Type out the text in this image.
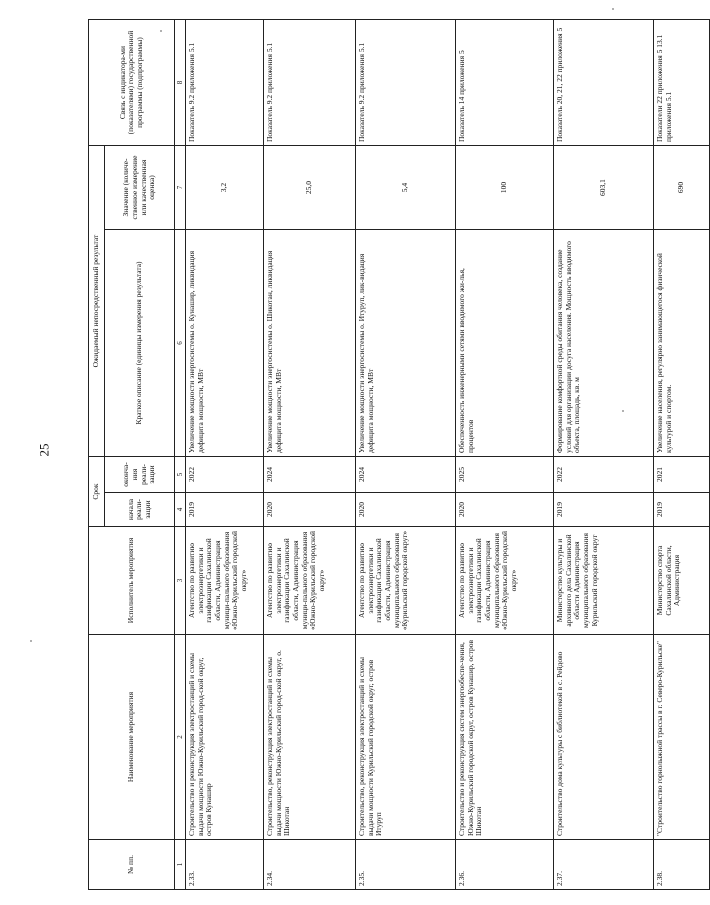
25
№ пп.	Наименование мероприятия	Исполнитель мероприятия	Срок		Ожидаемый непосредственный результат		Связь с индикатора-ми (показателями) государственной программы (подпрограммы)
			начала реали-зации	оконча-ния реали-зации	Краткое описание (единицы измерения результата)	Значение (количе-ственное измерение или качественная оценка)	
1	2	3	4	5	6	7	8
2.33.	Строительство и реконструкция электростанций и схемы выдачи мощности Южно-Курильский город-ской округ, остров Кунашир	Агентство по развитию электроэнергетики и газификации Сахалинской области, Администрация муници-пального образования «Южно-Курильский городской округ»	2019	2022	Увеличение мощности энергосистемы о. Кунашир, ликвидация дефицита мощности, МВт	3,2	Показатель 9.2 приложения 5.1
2.34.	Строительство, реконструкция электростанций и схемы выдачи мощности Южно-Курильский город-ской округ, о. Шикотан	Агентство по развитию электроэнергетики и газификации Сахалинской области, Администрация муници-пального образования «Южно-Курильский городской округ»	2020	2024	Увеличение мощности энергосистемы о. Шикотан, ликвидация дефицита мощности, МВт	25,0	Показатель 9.2 приложения 5.1
2.35.	Строительство, реконструкция электростанций и схемы выдачи мощности Курильский городской округ, остров Итуруп	Агентство по развитию электроэнергетики и газификации Сахалинской области, Администрация муниципального образования «Курильский городской округ»	2020	2024	Увеличение мощности энергосистемы о. Итуруп, лик-видация дефицита мощности, МВт	5,4	Показатель 9.2 приложения 5.1
2.36.	Строительство и реконструкция систем энергообеспе-чения, Южно-Курильский городской округ, остров Кунашир, остров Шикотан	Агентство по развитию электроэнергетики и газификации Сахалинской области, Администрация муниципального образования «Южно-Курильский городской округ»	2020	2025	Обеспеченность инженерными сетями вводимого жи-лья, процентов	100	Показатель 14 приложения 5
2.37.	Строительство дома культуры с библиотекой в с. Рейдово	Министерство культуры и архивного дела Сахалинской области Администрация муниципального образования Курильский городской округ	2019	2022	Формирование комфортной среды обитания человека, создание условий для организации досуга населения. Мощность вводимого объекта, площадь, кв. м	603,1	Показатель 20, 21, 22 приложения 5
2.38.	"Строительство горнолыжной трассы в г. Северо-Курильске"	Министерство спорта Сахалинской области, Администрация	2019	2021	Увеличение населения, регулярно занимающегося физической культурой и спортом.	690	Показатели 22 приложения 5 13.1 приложения 5.1
